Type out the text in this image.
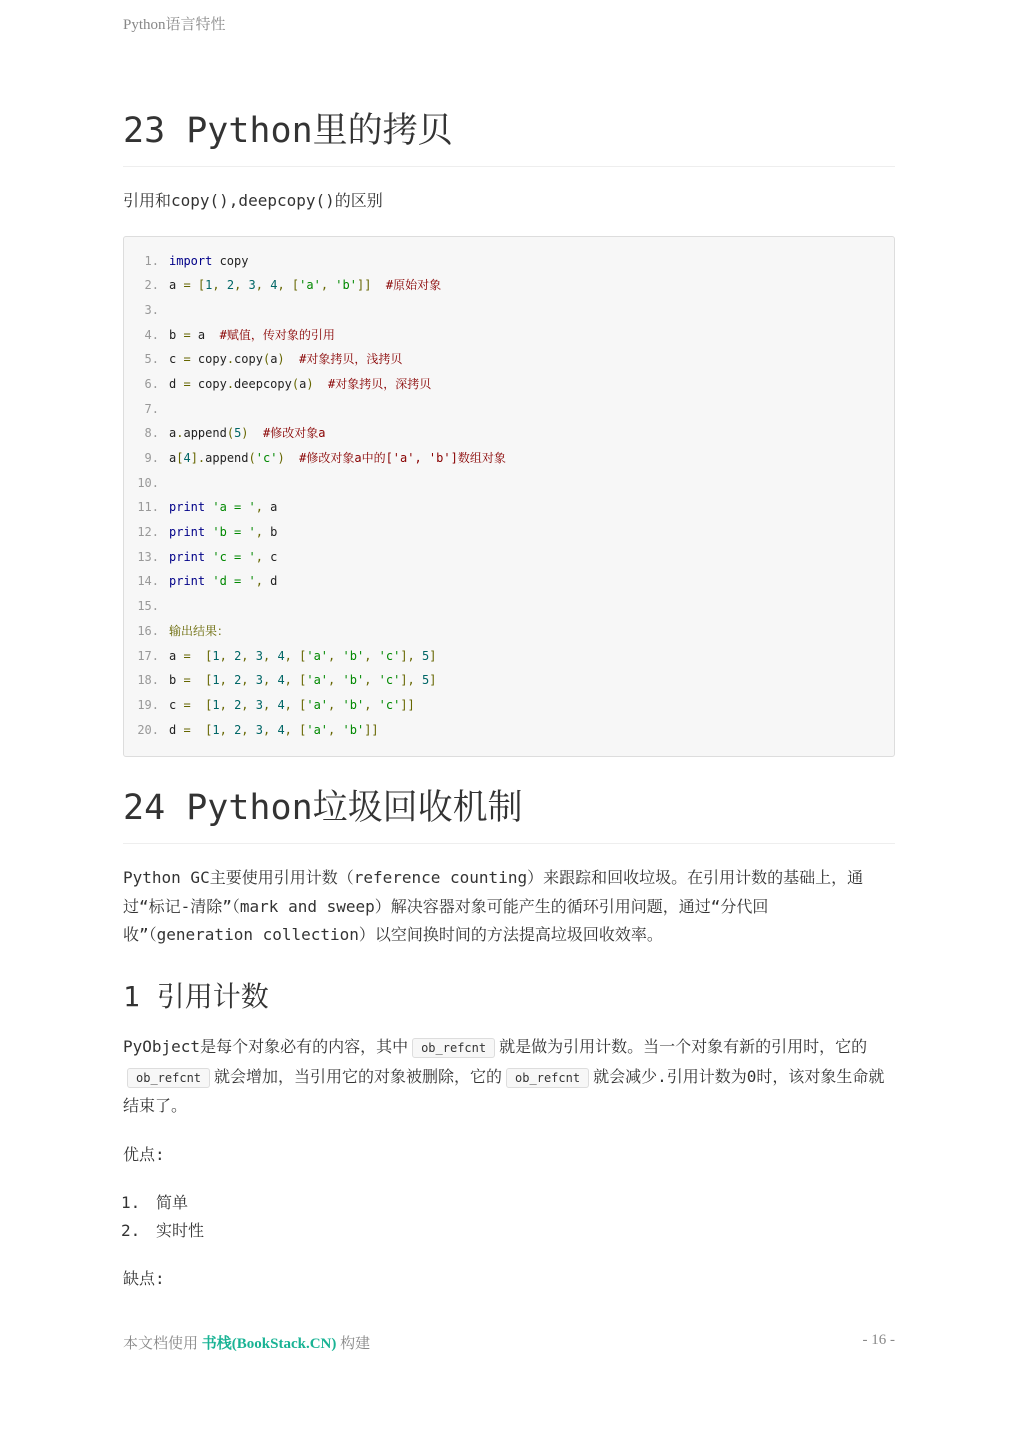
Python语言特性
23 Python里的拷贝

引用和copy(),deepcopy()的区别

1. import copy
2. a = [1, 2, 3, 4, ['a', 'b']] #原始对象
3.
4. b = a  #赋值，传对象的引用
5. c = copy.copy(a) #对象拷贝，浅拷贝
6. d = copy.deepcopy(a) #对象拷贝，深拷贝
7.
8. a.append(5) #修改对象a
9. a[4].append('c') #修改对象a中的['a', 'b']数组对象
10.
11. print 'a = ', a
12. print 'b = ', b
13. print 'c = ', c
14. print 'd = ', d
15.
16. 输出结果：
17. a = [1, 2, 3, 4, ['a', 'b', 'c'], 5]
18. b = [1, 2, 3, 4, ['a', 'b', 'c'], 5]
19. c = [1, 2, 3, 4, ['a', 'b', 'c']]
20. d = [1, 2, 3, 4, ['a', 'b']]
24 Python垃圾回收机制

Python GC主要使用引用计数（reference counting）来跟踪和回收垃圾。在引用计数的基础上，通过“标记-清除”（mark and sweep）解决容器对象可能产生的循环引用问题，通过“分代回收”（generation collection）以空间换时间的方法提高垃圾回收效率。

1 引用计数

PyObject是每个对象必有的内容，其中 ob_refcnt 就是做为引用计数。当一个对象有新的引用时，它的ob_refcnt 就会增加，当引用它的对象被删除，它的 ob_refcnt 就会减少.引用计数为0时，该对象生命就结束了。

优点:

1. 简单
2. 实时性

缺点:

本文档使用 书栈(BookStack.CN) 构建	- 16 -
